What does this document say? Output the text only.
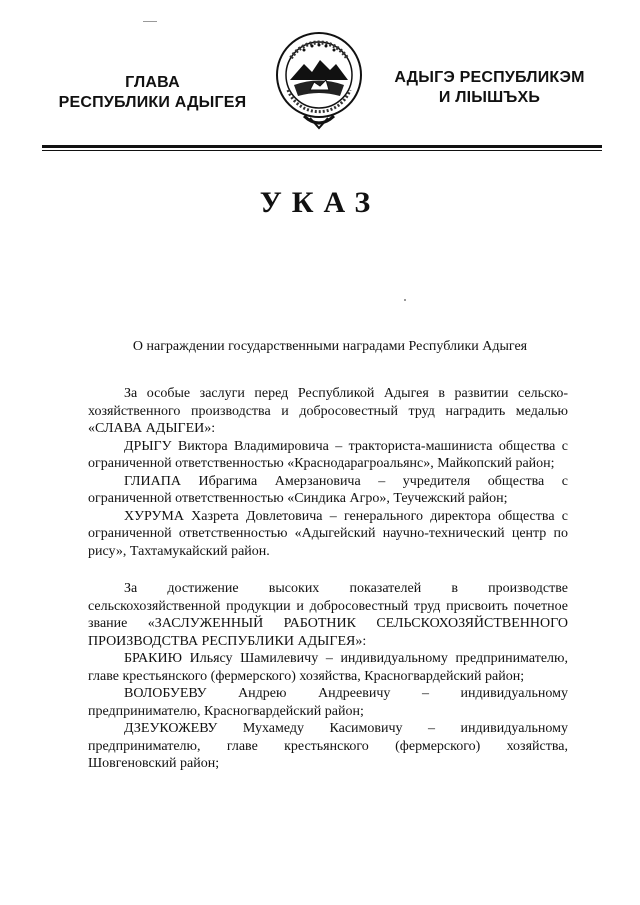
ГЛАВА
РЕСПУБЛИКИ АДЫГЕЯ
АДЫГЭ РЕСПУБЛИКЭМ
И ЛІЫШЪХЬ
УКАЗ
О награждении государственными наградами Республики Адыгея

За особые заслуги перед Республикой Адыгея в развитии сельско-хозяйственного производства и добросовестный труд наградить медалью «СЛАВА АДЫГЕИ»:

ДРЫГУ Виктора Владимировича – тракториста-машиниста общества с ограниченной ответственностью «Краснодарагроальянс», Майкопский район;

ГЛИАПА Ибрагима Амерзановича – учредителя общества с ограниченной ответственностью «Синдика Агро», Теучежский район;

ХУРУМА Хазрета Довлетовича – генерального директора общества с ограниченной ответственностью «Адыгейский научно-технический центр по рису», Тахтамукайский район.

За достижение высоких показателей в производстве сельскохозяйственной продукции и добросовестный труд присвоить почетное звание «ЗАСЛУЖЕННЫЙ РАБОТНИК СЕЛЬСКОХОЗЯЙСТВЕННОГО ПРОИЗВОДСТВА РЕСПУБЛИКИ АДЫГЕЯ»:

БРАКИЮ Ильясу Шамилевичу – индивидуальному предпринимателю, главе крестьянского (фермерского) хозяйства, Красногвардейский район;

ВОЛОБУЕВУ Андрею Андреевичу – индивидуальному предпринимателю, Красногвардейский район;

ДЗЕУКОЖЕВУ Мухамеду Касимовичу – индивидуальному предпринимателю, главе крестьянского (фермерского) хозяйства, Шовгеновский район;
